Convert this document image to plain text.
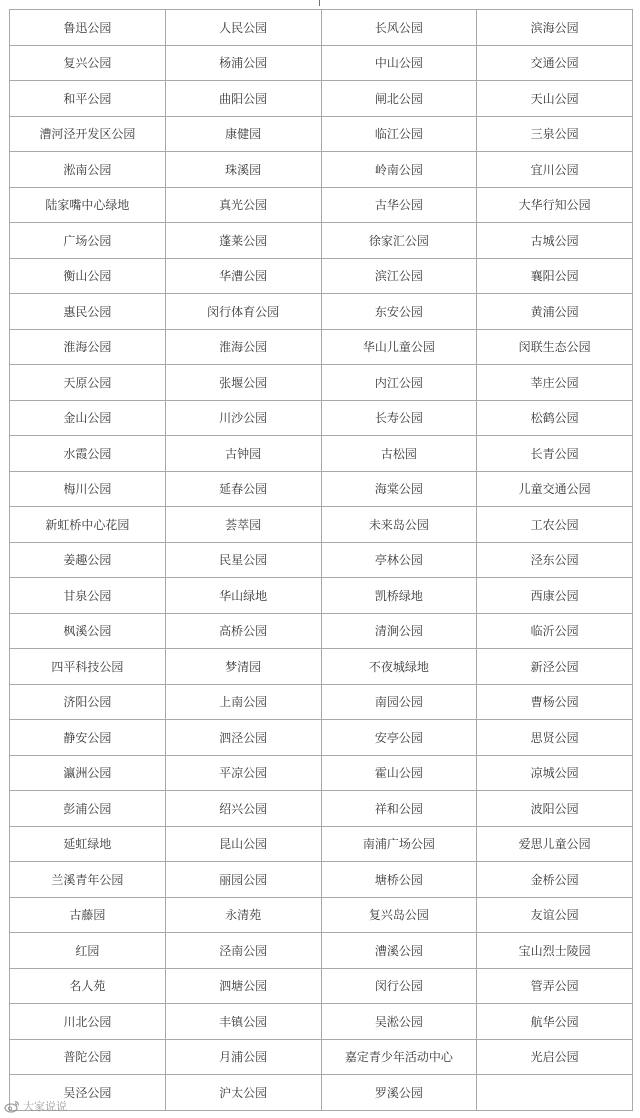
鲁迅公园	人民公园	长风公园	滨海公园
复兴公园	杨浦公园	中山公园	交通公园
和平公园	曲阳公园	闸北公园	天山公园
漕河泾开发区公园	康健园	临江公园	三泉公园
淞南公园	珠溪园	岭南公园	宜川公园
陆家嘴中心绿地	真光公园	古华公园	大华行知公园
广场公园	蓬莱公园	徐家汇公园	古城公园
衡山公园	华漕公园	滨江公园	襄阳公园
惠民公园	闵行体育公园	东安公园	黄浦公园
淮海公园	淮海公园	华山儿童公园	闵联生态公园
天原公园	张堰公园	内江公园	莘庄公园
金山公园	川沙公园	长寿公园	松鹤公园
水霞公园	古钟园	古松园	长青公园
梅川公园	延春公园	海棠公园	儿童交通公园
新虹桥中心花园	荟萃园	未来岛公园	工农公园
姜趣公园	民星公园	亭林公园	泾东公园
甘泉公园	华山绿地	凯桥绿地	西康公园
枫溪公园	高桥公园	清涧公园	临沂公园
四平科技公园	梦清园	不夜城绿地	新泾公园
济阳公园	上南公园	南园公园	曹杨公园
静安公园	泗泾公园	安亭公园	思贤公园
瀛洲公园	平凉公园	霍山公园	凉城公园
彭浦公园	绍兴公园	祥和公园	波阳公园
延虹绿地	昆山公园	南浦广场公园	爱思儿童公园
兰溪青年公园	丽园公园	塘桥公园	金桥公园
古藤园	永清苑	复兴岛公园	友谊公园
红园	泾南公园	漕溪公园	宝山烈士陵园
名人苑	泗塘公园	闵行公园	管弄公园
川北公园	丰镇公园	吴淞公园	航华公园
普陀公园	月浦公园	嘉定青少年活动中心	光启公园
吴泾公园	沪太公园	罗溪公园	
大家说说
